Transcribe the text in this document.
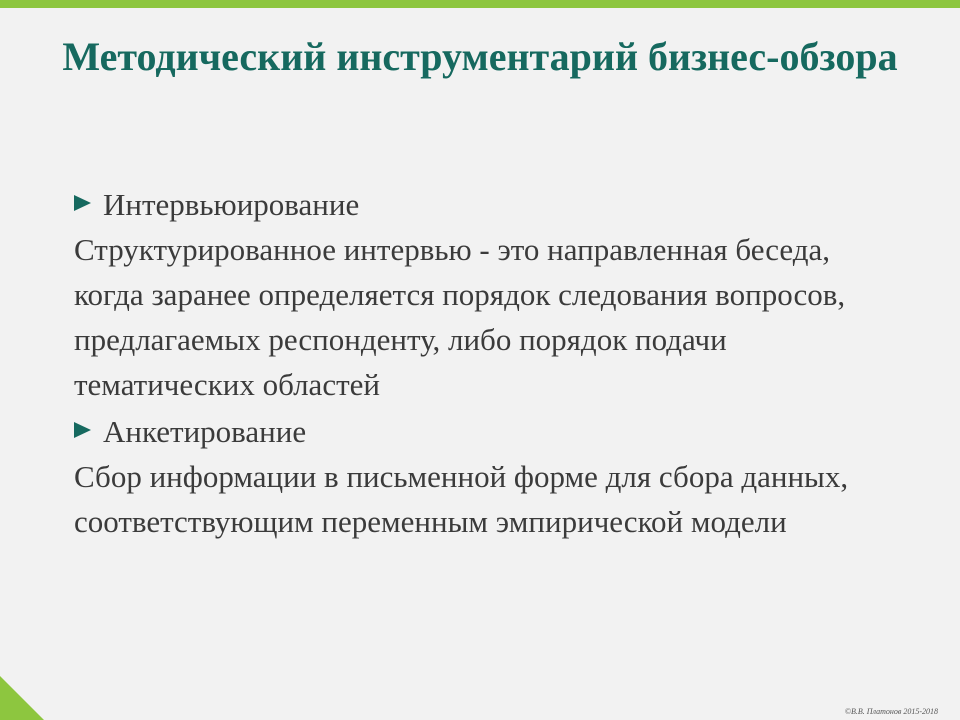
Методический инструментарий бизнес-обзора

Интервьюирование

Структурированное интервью - это направленная беседа, когда заранее определяется порядок следования вопросов, предлагаемых респонденту, либо порядок подачи тематических областей

Анкетирование

Сбор информации в письменной форме для сбора данных, соответствующим переменным эмпирической модели

©В.В. Платонов 2015-2018
